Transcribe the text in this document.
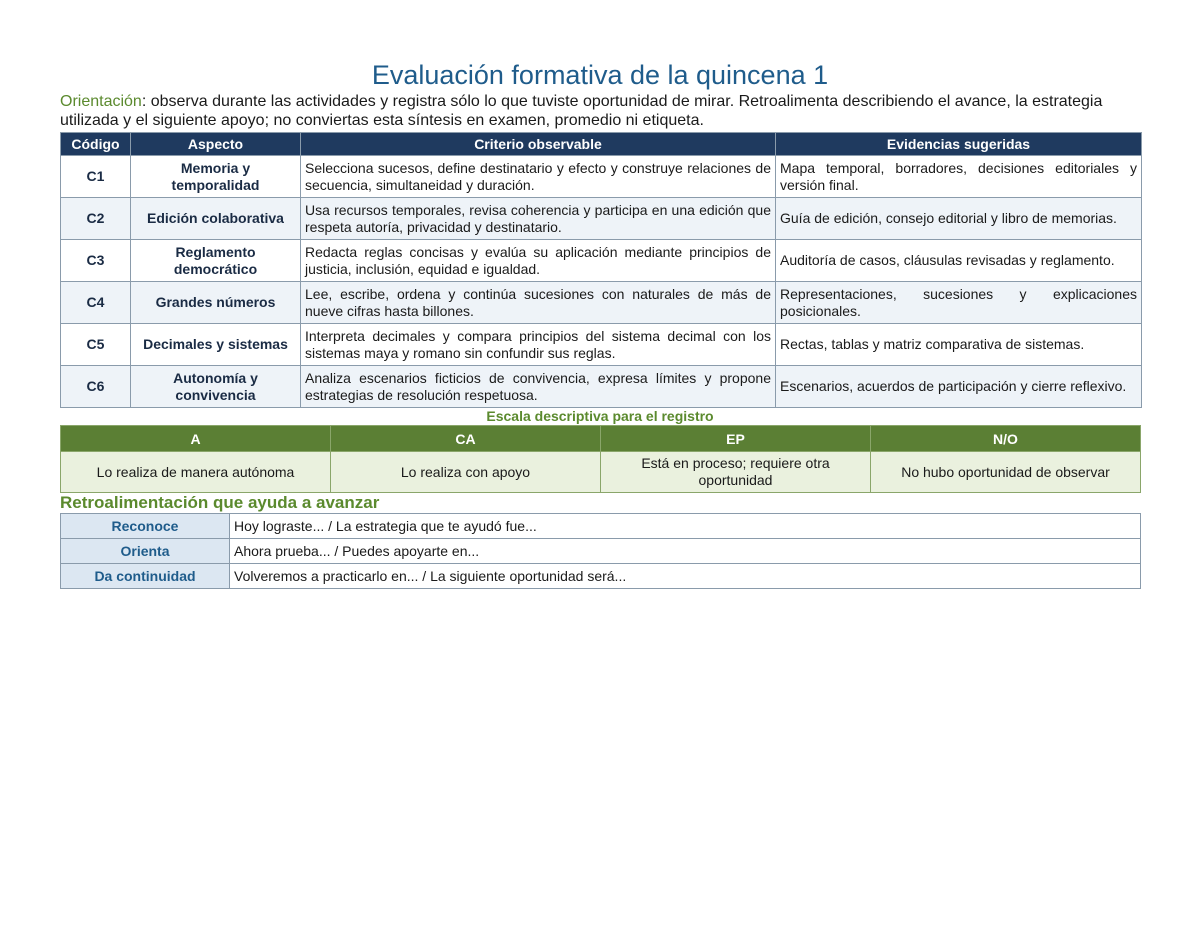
Evaluación formativa de la quincena 1

Orientación: observa durante las actividades y registra sólo lo que tuviste oportunidad de mirar. Retroalimenta describiendo el avance, la estrategia utilizada y el siguiente apoyo; no conviertas esta síntesis en examen, promedio ni etiqueta.

Código	Aspecto	Criterio observable	Evidencias sugeridas
C1	Memoria y temporalidad	Selecciona sucesos, define destinatario y efecto y construye relaciones de secuencia, simultaneidad y duración.	Mapa temporal, borradores, decisiones editoriales y versión final.
C2	Edición colaborativa	Usa recursos temporales, revisa coherencia y participa en una edición que respeta autoría, privacidad y destinatario.	Guía de edición, consejo editorial y libro de memorias.
C3	Reglamento democrático	Redacta reglas concisas y evalúa su aplicación mediante principios de justicia, inclusión, equidad e igualdad.	Auditoría de casos, cláusulas revisadas y reglamento.
C4	Grandes números	Lee, escribe, ordena y continúa sucesiones con naturales de más de nueve cifras hasta billones.	Representaciones, sucesiones y explicaciones posicionales.
C5	Decimales y sistemas	Interpreta decimales y compara principios del sistema decimal con los sistemas maya y romano sin confundir sus reglas.	Rectas, tablas y matriz comparativa de sistemas.
C6	Autonomía y convivencia	Analiza escenarios ficticios de convivencia, expresa límites y propone estrategias de resolución respetuosa.	Escenarios, acuerdos de participación y cierre reflexivo.

Escala descriptiva para el registro

A	CA	EP	N/O
Lo realiza de manera autónoma	Lo realiza con apoyo	Está en proceso; requiere otra oportunidad	No hubo oportunidad de observar

Retroalimentación que ayuda a avanzar

Reconoce	Hoy lograste... / La estrategia que te ayudó fue...
Orienta	Ahora prueba... / Puedes apoyarte en...
Da continuidad	Volveremos a practicarlo en... / La siguiente oportunidad será...
